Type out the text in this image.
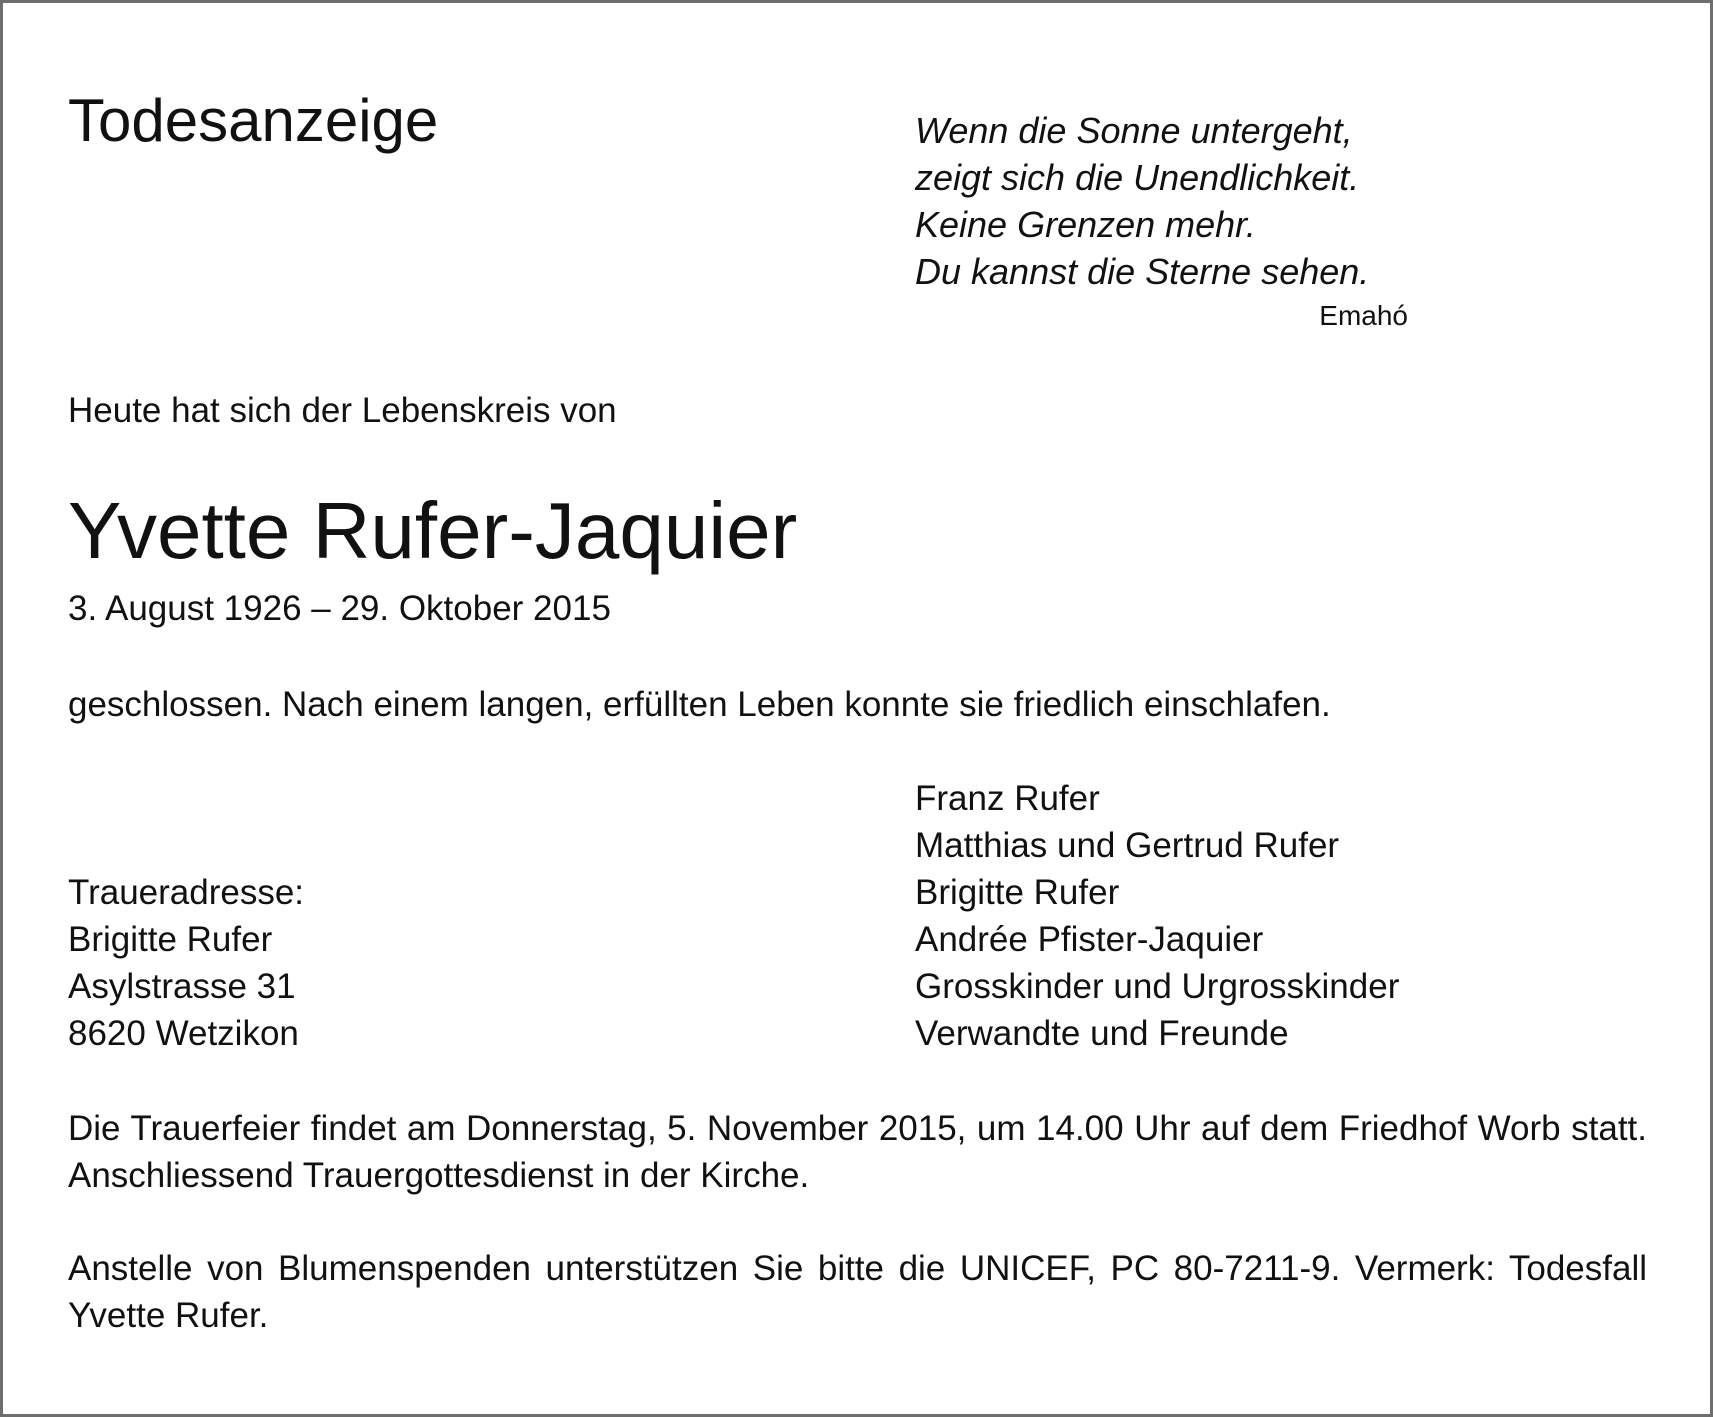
Todesanzeige	Wenn die Sonne untergeht,
zeigt sich die Unendlichkeit.
Keine Grenzen mehr.
Du kannst die Sterne sehen.
Emahó

Heute hat sich der Lebenskreis von

Yvette Rufer-Jaquier

3. August 1926 – 29. Oktober 2015

geschlossen. Nach einem langen, erfüllten Leben konnte sie friedlich einschlafen.

Franz Rufer
Matthias und Gertrud Rufer
Brigitte Rufer
Andrée Pfister-Jaquier
Grosskinder und Urgrosskinder
Verwandte und Freunde
Traueradresse:
Brigitte Rufer
Asylstrasse 31
8620 Wetzikon

Die Trauerfeier findet am Donnerstag, 5. November 2015, um 14.00 Uhr auf dem Friedhof Worb statt. Anschliessend Trauergottesdienst in der Kirche.

Anstelle von Blumenspenden unterstützen Sie bitte die UNICEF, PC 80-7211-9. Vermerk: Todesfall Yvette Rufer.
